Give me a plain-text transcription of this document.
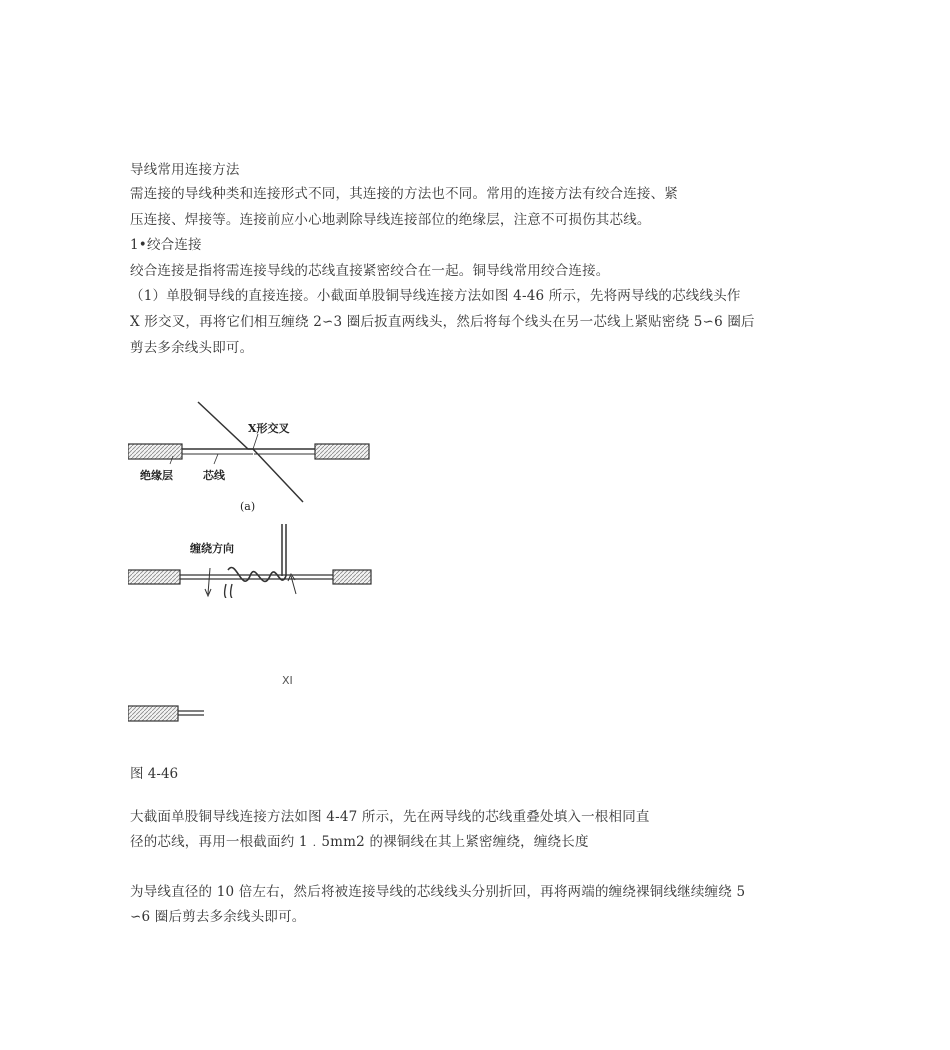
导线常用连接方法
需连接的导线种类和连接形式不同，其连接的方法也不同。常用的连接方法有绞合连接、紧
压连接、焊接等。连接前应小心地剥除导线连接部位的绝缘层，注意不可损伤其芯线。
1•绞合连接
绞合连接是指将需连接导线的芯线直接紧密绞合在一起。铜导线常用绞合连接。
（1）单股铜导线的直接连接。小截面单股铜导线连接方法如图 4-46 所示，先将两导线的芯线线头作
X 形交叉，再将它们相互缠绕 2∽3 圈后扳直两线头，然后将每个线头在另一芯线上紧贴密绕 5∽6 圈后
剪去多余线头即可。
X形交叉
绝缘层	芯线
(a)
缠绕方向
XI
图 4-46
大截面单股铜导线连接方法如图 4-47 所示，先在两导线的芯线重叠处填入一根相同直
径的芯线，再用一根截面约 1﹒5mm2 的裸铜线在其上紧密缠绕，缠绕长度
为导线直径的 10 倍左右，然后将被连接导线的芯线线头分别折回，再将两端的缠绕裸铜线继续缠绕 5
∽6 圈后剪去多余线头即可。
